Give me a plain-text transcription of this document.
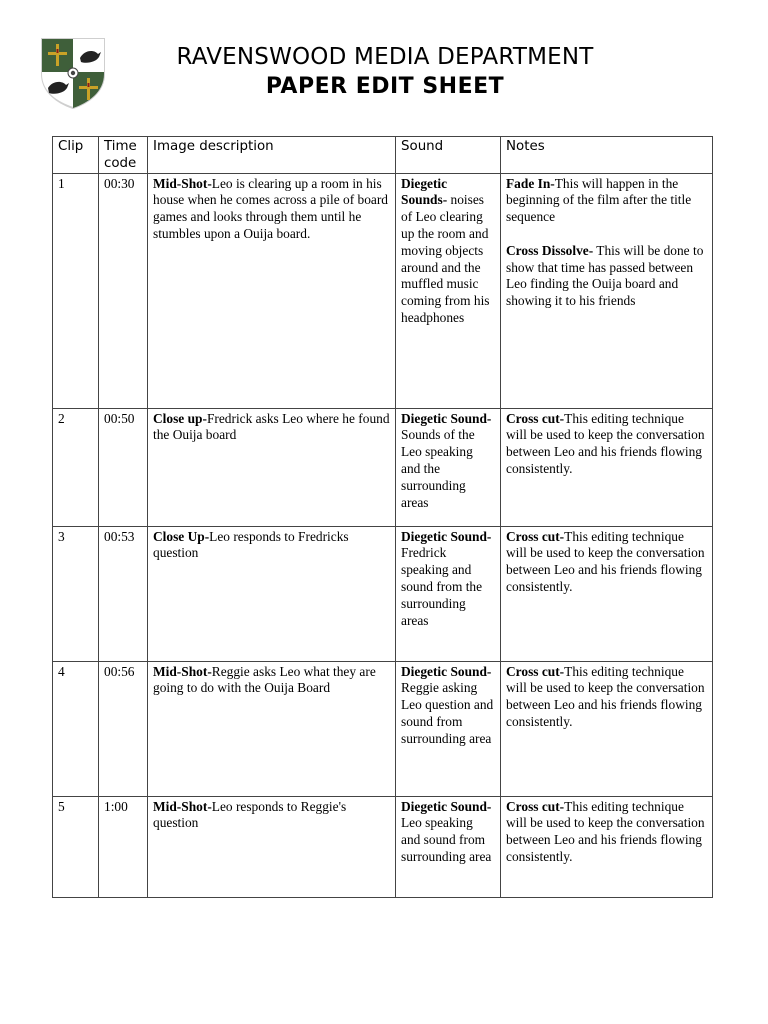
RAVENSWOOD MEDIA DEPARTMENT
PAPER EDIT SHEET
Clip	Time code	Image description	Sound	Notes
1	00:30	Mid-Shot-Leo is clearing up a room in his house when he comes across a pile of board games and looks through them until he stumbles upon a Ouija board.	Diegetic Sounds- noises of Leo clearing up the room and moving objects around and the muffled music coming from his headphones	Fade In-This will happen in the beginning of the film after the title sequence
Cross Dissolve- This will be done to show that time has passed between Leo finding the Ouija board and showing it to his friends
2	00:50	Close up-Fredrick asks Leo where he found the Ouija board	Diegetic Sound- Sounds of the Leo speaking and the surrounding areas	Cross cut-This editing technique will be used to keep the conversation between Leo and his friends flowing consistently.
3	00:53	Close Up-Leo responds to Fredricks question	Diegetic Sound- Fredrick speaking and sound from the surrounding areas	Cross cut-This editing technique will be used to keep the conversation between Leo and his friends flowing consistently.
4	00:56	Mid-Shot-Reggie asks Leo what they are going to do with the Ouija Board	Diegetic Sound- Reggie asking Leo question and sound from surrounding area	Cross cut-This editing technique will be used to keep the conversation between Leo and his friends flowing consistently.
5	1:00	Mid-Shot-Leo responds to Reggie's question	Diegetic Sound- Leo speaking and sound from surrounding area	Cross cut-This editing technique will be used to keep the conversation between Leo and his friends flowing consistently.
